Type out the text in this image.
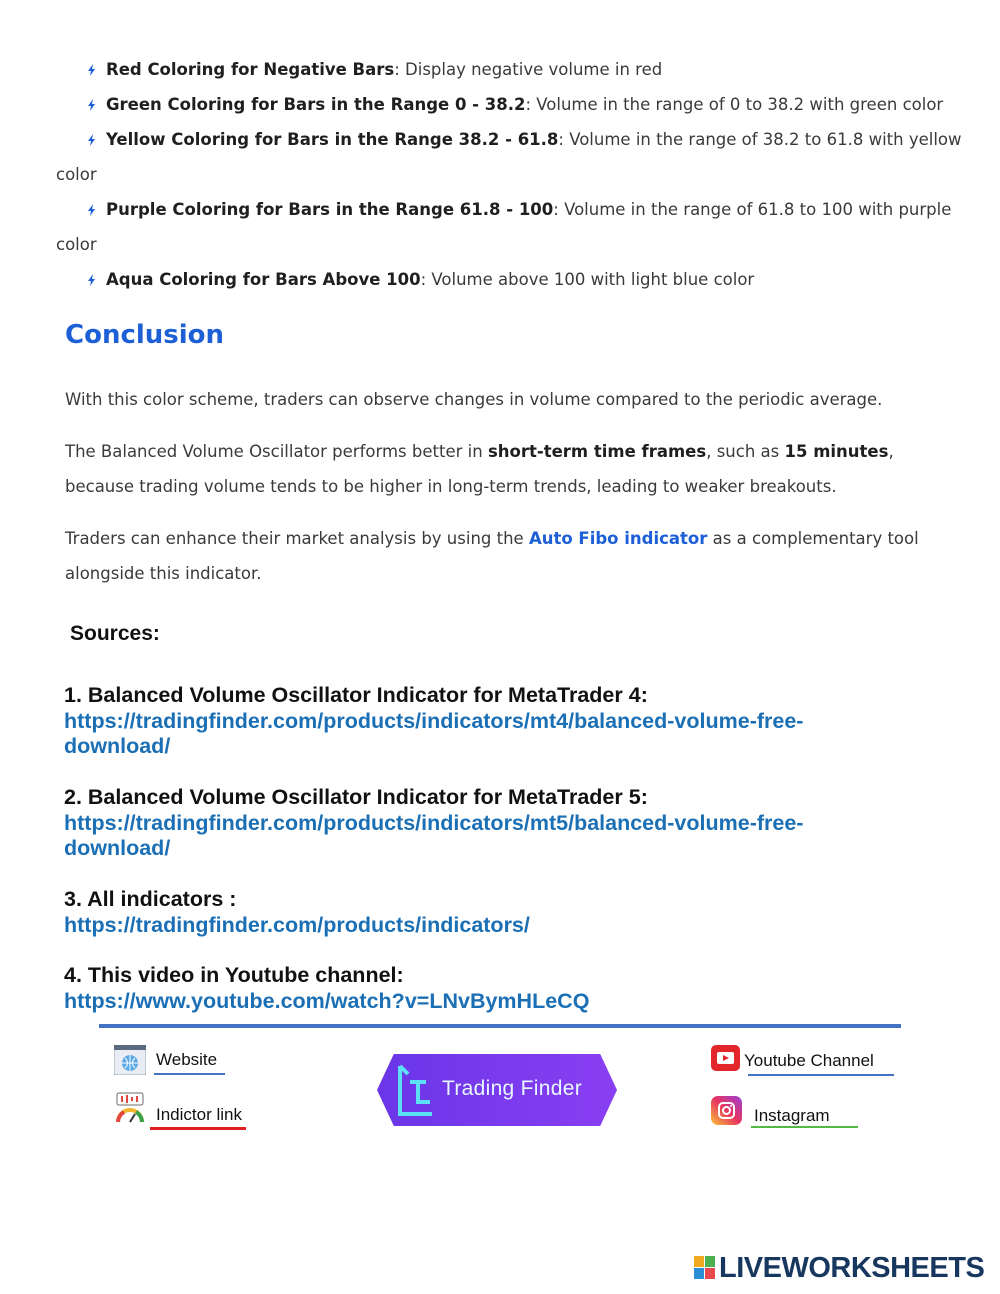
Red Coloring for Negative Bars: Display negative volume in red
Green Coloring for Bars in the Range 0 - 38.2: Volume in the range of 0 to 38.2 with green color
Yellow Coloring for Bars in the Range 38.2 - 61.8: Volume in the range of 38.2 to 61.8 with yellow
color
Purple Coloring for Bars in the Range 61.8 - 100: Volume in the range of 61.8 to 100 with purple
color
Aqua Coloring for Bars Above 100: Volume above 100 with light blue color
Conclusion

With this color scheme, traders can observe changes in volume compared to the periodic average.

The Balanced Volume Oscillator performs better in short-term time frames, such as 15 minutes,
because trading volume tends to be higher in long-term trends, leading to weaker breakouts.

Traders can enhance their market analysis by using the Auto Fibo indicator as a complementary tool
alongside this indicator.

Sources:

1. Balanced Volume Oscillator Indicator for MetaTrader 4:
https://tradingfinder.com/products/indicators/mt4/balanced-volume-free-
download/
2. Balanced Volume Oscillator Indicator for MetaTrader 5:
https://tradingfinder.com/products/indicators/mt5/balanced-volume-free-
download/
3. All indicators :
https://tradingfinder.com/products/indicators/
4. This video in Youtube channel:
https://www.youtube.com/watch?v=LNvBymHLeCQ
Website
Indictor link
Trading Finder
Youtube Channel
Instagram
LIVEWORKSHEETS
